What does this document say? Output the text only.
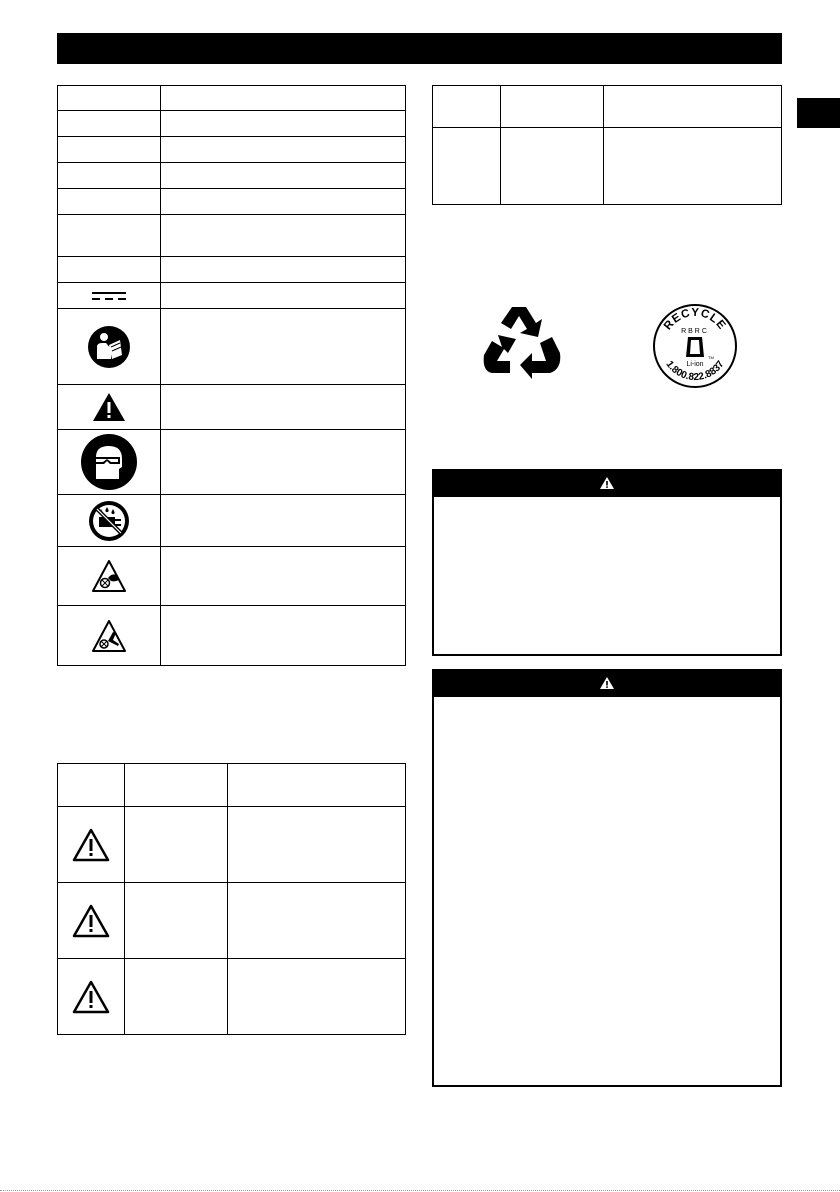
RECYCLE
RBRC
TM
Li-ion
1.800.822.8837
